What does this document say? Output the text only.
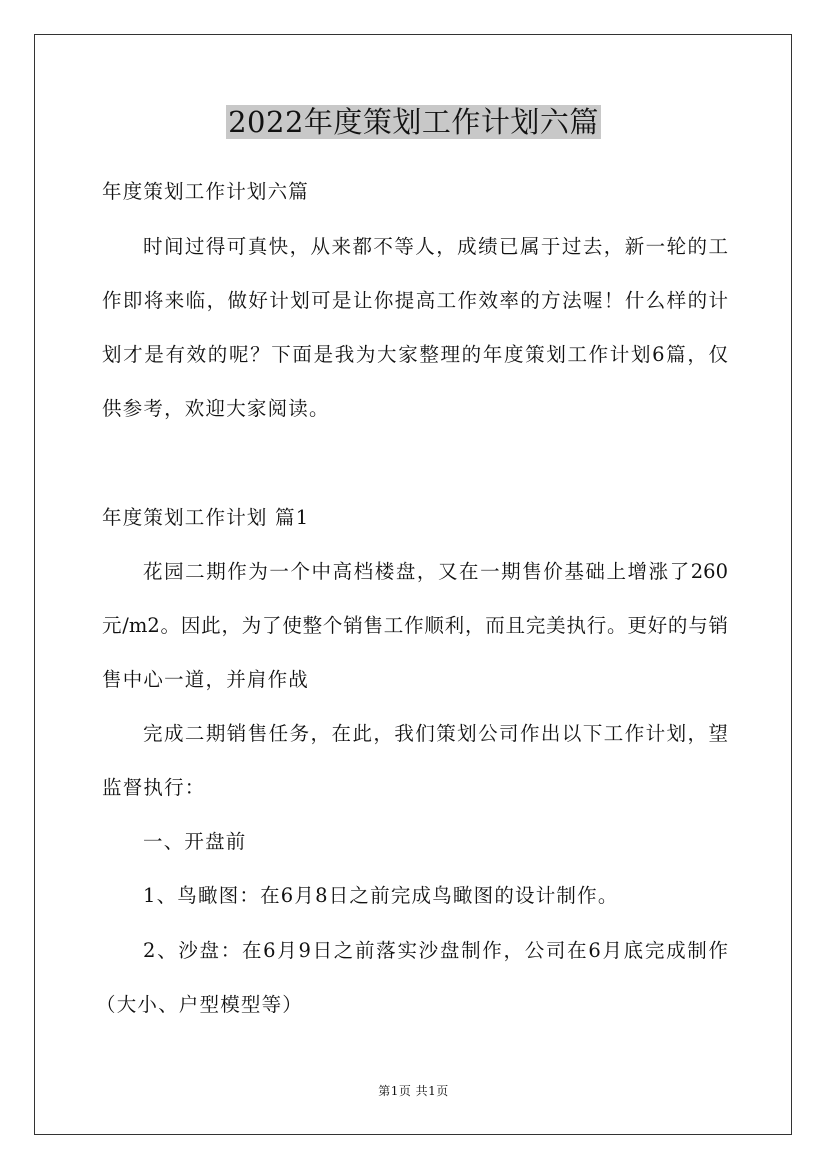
2022年度策划工作计划六篇
年度策划工作计划六篇
时间过得可真快，从来都不等人，成绩已属于过去，新一轮的工
作即将来临，做好计划可是让你提高工作效率的方法喔！什么样的计
划才是有效的呢？下面是我为大家整理的年度策划工作计划6篇，仅
供参考，欢迎大家阅读。
年度策划工作计划 篇1
花园二期作为一个中高档楼盘，又在一期售价基础上增涨了260
元/m2。因此，为了使整个销售工作顺利，而且完美执行。更好的与销
售中心一道，并肩作战
完成二期销售任务，在此，我们策划公司作出以下工作计划，望
监督执行：
一、开盘前
1、鸟瞰图：在6月8日之前完成鸟瞰图的设计制作。
2、沙盘：在6月9日之前落实沙盘制作，公司在6月底完成制作
（大小、户型模型等）
第1页 共1页
